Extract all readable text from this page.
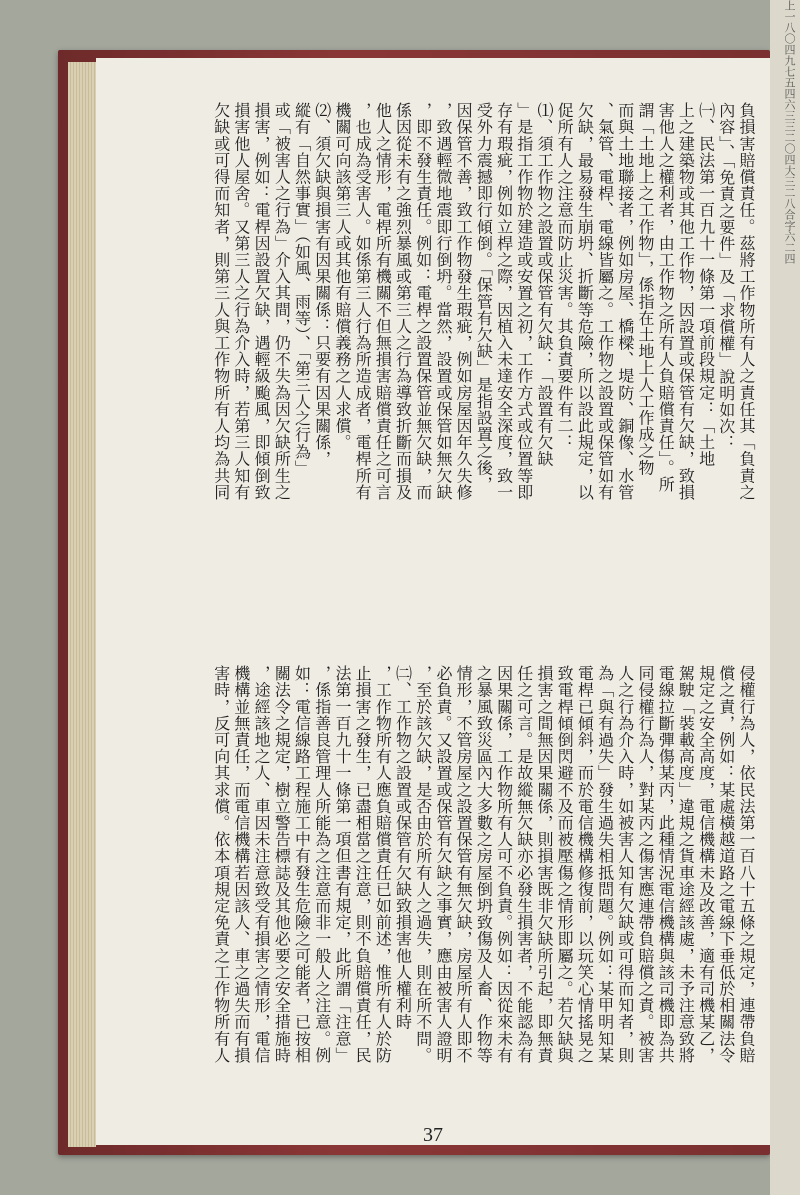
上一八〇四九七五四六三三二〇四大三二八合字六二四

負損害賠償責任。茲將工作物所有人之責任其「負責之

內容」、「免責之要件」及「求償權」說明如次：

㈠、民法第一百九十一條第一項前段規定：「土地

上之建築物或其他工作物，因設置或保管有欠缺，致損

害他人之權利者，由工作物之所有人負賠償責任」。所

謂「土地上之工作物」，係指在土地上人工作成之物

而與土地聯接者，例如房屋、橋樑、堤防、銅像、水管

、氣管、電桿、電線皆屬之。工作物之設置或保管如有

欠缺，最易發生崩坍、折斷等危險，所以設此規定，以

促所有人之注意而防止災害。其負責要件有二：

⑴、須工作物之設置或保管有欠缺：「設置有欠缺

」是指工作物於建造或安置之初，工作方式或位置等即

存有瑕疵，例如立桿之際，因植入未達安全深度，致一

受外力震撼即行傾倒。「保管有欠缺」是指設置之後，

因保管不善，致工作物發生瑕疵，例如房屋因年久失修

，致遇輕微地震即行倒坍。當然，設置或保管如無欠缺

，即不發生責任。例如：電桿之設置保管並無欠缺，而

係因從未有之強烈暴風或第三人之行為導致折斷而損及

他人之情形，電桿所有機關不但無損害賠償責任之可言

，也成為受害人。如係第三人行為所造成者，電桿所有

機關可向該第三人或其他有賠償義務之人求償。

⑵、須欠缺與損害有因果關係：只要有因果關係，

縱有「自然事實」（如風、雨等）、「第三人之行為」

或「被害人之行為」介入其間，仍不失為因欠缺所生之

損害，例如：電桿因設置欠缺，遇輕級颱風，即傾倒致

損害他人屋舍。又第三人之行為介入時，若第三人知有

欠缺或可得而知者，則第三人與工作物所有人均為共同

侵權行為人，依民法第一百八十五條之規定，連帶負賠

償之責，例如：某處橫越道路之電線下垂低於相關法令

規定之安全高度，電信機構未及改善，適有司機某乙，

駕駛「裝載高度」違規之貨車途經該處，未予注意致將

電線拉斷彈傷某丙，此種情況電信機構與該司機即為共

同侵權行為人，對某丙之傷害應連帶負賠償之責。被害

人之行為介入時，如被害人知有欠缺或可得而知者，則

為「與有過失」發生過失相抵問題。例如：某甲明知某

電桿已傾斜，而於電信機構修復前，以玩笑心情搖晃之

致電桿傾倒閃避不及而被壓傷之情形即屬之。若欠缺與

損害之間無因果關係，則損害既非欠缺所引起，即無責

任之可言。是故縱無欠缺亦必發生損害者，不能認為有

因果關係，工作物所有人可不負責。例如：因從來未有

之暴風致災區內大多數之房屋倒坍致傷及人畜、作物等

情形，不管房屋之設置保管有無欠缺，房屋所有人即不

必負責。又設置或保管有欠缺之事實，應由被害人證明

，至於該欠缺，是否由於所有人之過失，則在所不問。

㈡、工作物之設置或保管有欠缺致損害他人權利時

，工作物所有人應負賠償責任已如前述，惟所有人於防

止損害之發生，已盡相當之注意，則不負賠償責任，民

法第一百九十一條第一項但書有規定，此所謂「注意」

，係指善良管理人所能為之注意而非一般人之注意。例

如：電信線路工程施工中有發生危險之可能者，已按相

關法令之規定，樹立警告標誌及其他必要之安全措施時

，途經該地之人、車因未注意致受有損害之情形，電信

機構並無責任，而電信機構若因該人、車之過失而有損

害時，反可向其求償。依本項規定免責之工作物所有人

37
